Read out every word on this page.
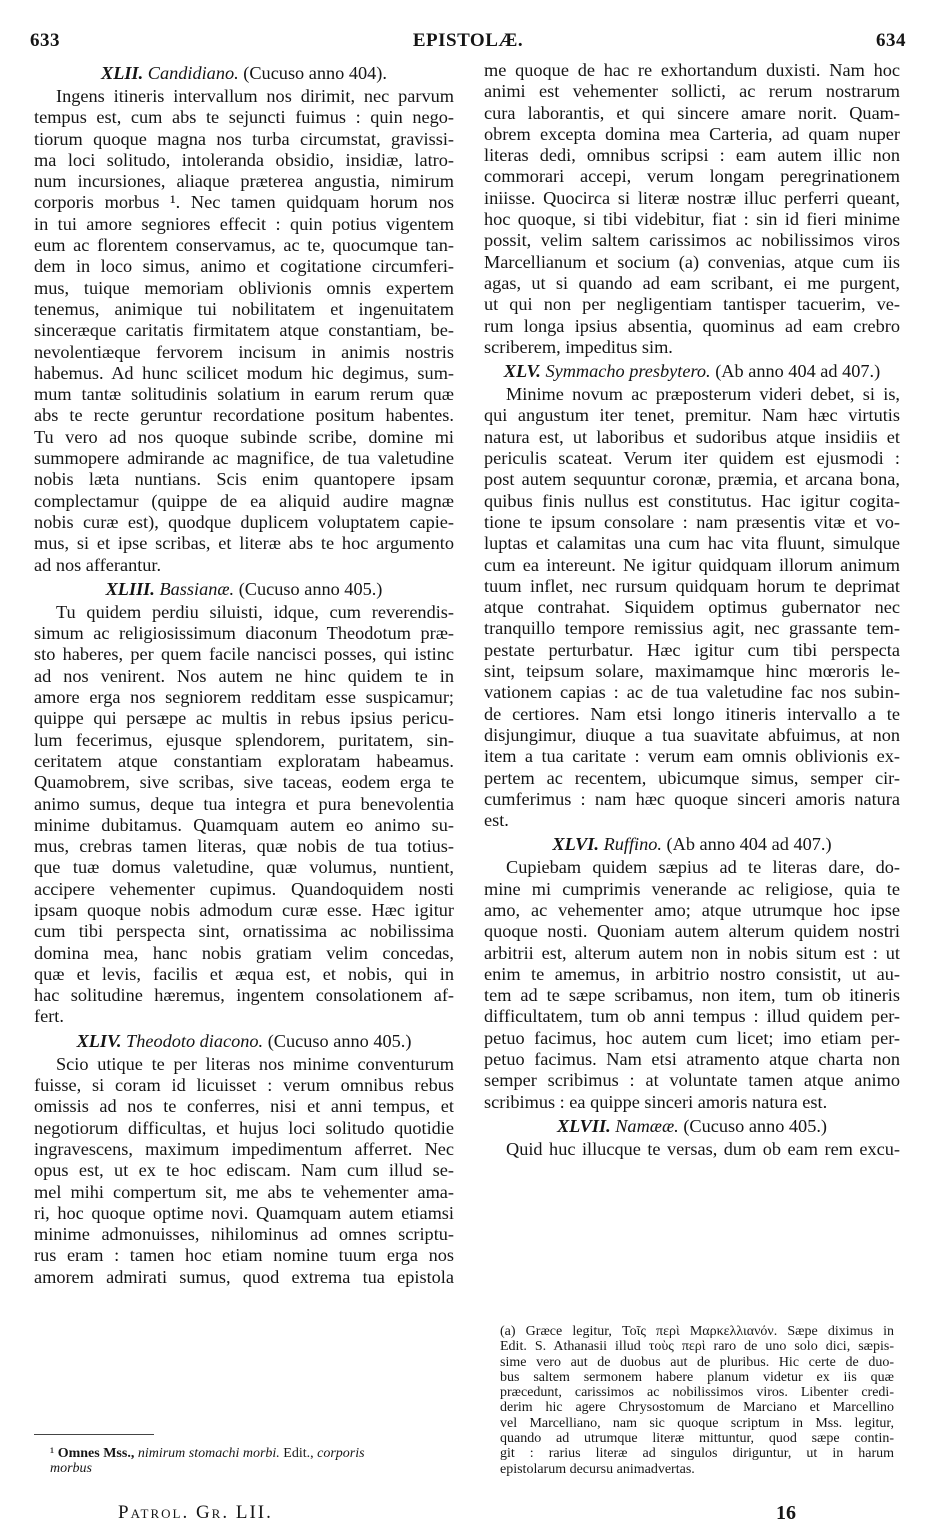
633	EPISTOLÆ.	634
XLII. Candidiano. (Cucuso anno 404).
Ingens itineris intervallum nos dirimit, nec parvum
tempus est, cum abs te sejuncti fuimus : quin nego-
tiorum quoque magna nos turba circumstat, gravissi-
ma loci solitudo, intoleranda obsidio, insidiæ, latro-
num incursiones, aliaque præterea angustia, nimirum
corporis morbus ¹. Nec tamen quidquam horum nos
in tui amore segniores effecit : quin potius vigentem
eum ac florentem conservamus, ac te, quocumque tan-
dem in loco simus, animo et cogitatione circumferi-
mus, tuique memoriam oblivionis omnis expertem
tenemus, animique tui nobilitatem et ingenuitatem
sinceræque caritatis firmitatem atque constantiam, be-
nevolentiæque fervorem incisum in animis nostris
habemus. Ad hunc scilicet modum hic degimus, sum-
mum tantæ solitudinis solatium in earum rerum quæ
abs te recte geruntur recordatione positum habentes.
Tu vero ad nos quoque subinde scribe, domine mi
summopere admirande ac magnifice, de tua valetudine
nobis læta nuntians. Scis enim quantopere ipsam
complectamur (quippe de ea aliquid audire magnæ
nobis curæ est), quodque duplicem voluptatem capie-
mus, si et ipse scribas, et literæ abs te hoc argumento
ad nos afferantur.
XLIII. Bassianæ. (Cucuso anno 405.)
Tu quidem perdiu siluisti, idque, cum reverendis-
simum ac religiosissimum diaconum Theodotum præ-
sto haberes, per quem facile nancisci posses, qui istinc
ad nos venirent. Nos autem ne hinc quidem te in
amore erga nos segniorem redditam esse suspicamur;
quippe qui persæpe ac multis in rebus ipsius pericu-
lum fecerimus, ejusque splendorem, puritatem, sin-
ceritatem atque constantiam exploratam habeamus.
Quamobrem, sive scribas, sive taceas, eodem erga te
animo sumus, deque tua integra et pura benevolentia
minime dubitamus. Quamquam autem eo animo su-
mus, crebras tamen literas, quæ nobis de tua totius-
que tuæ domus valetudine, quæ volumus, nuntient,
accipere vehementer cupimus. Quandoquidem nosti
ipsam quoque nobis admodum curæ esse. Hæc igitur
cum tibi perspecta sint, ornatissima ac nobilissima
domina mea, hanc nobis gratiam velim concedas,
quæ et levis, facilis et æqua est, et nobis, qui in
hac solitudine hæremus, ingentem consolationem af-
fert.
XLIV. Theodoto diacono. (Cucuso anno 405.)
Scio utique te per literas nos minime conventurum
fuisse, si coram id licuisset : verum omnibus rebus
omissis ad nos te conferres, nisi et anni tempus, et
negotiorum difficultas, et hujus loci solitudo quotidie
ingravescens, maximum impedimentum afferret. Nec
opus est, ut ex te hoc ediscam. Nam cum illud se-
mel mihi compertum sit, me abs te vehementer ama-
ri, hoc quoque optime novi. Quamquam autem etiamsi
minime admonuisses, nihilominus ad omnes scriptu-
rus eram : tamen hoc etiam nomine tuum erga nos
amorem admirati sumus, quod extrema tua epistola
¹ Omnes Mss., nimirum stomachi morbi. Edit., corporis
morbus
Patrol. Gr. LII.
me quoque de hac re exhortandum duxisti. Nam hoc
animi est vehementer sollicti, ac rerum nostrarum
cura laborantis, et qui sincere amare norit. Quam-
obrem excepta domina mea Carteria, ad quam nuper
literas dedi, omnibus scripsi : eam autem illic non
commorari accepi, verum longam peregrinationem
iniisse. Quocirca si literæ nostræ illuc perferri queant,
hoc quoque, si tibi videbitur, fiat : sin id fieri minime
possit, velim saltem carissimos ac nobilissimos viros
Marcellianum et socium (a) convenias, atque cum iis
agas, ut si quando ad eam scribant, ei me purgent,
ut qui non per negligentiam tantisper tacuerim, ve-
rum longa ipsius absentia, quominus ad eam crebro
scriberem, impeditus sim.
XLV. Symmacho presbytero. (Ab anno 404 ad 407.)
Minime novum ac præposterum videri debet, si is,
qui angustum iter tenet, premitur. Nam hæc virtutis
natura est, ut laboribus et sudoribus atque insidiis et
periculis scateat. Verum iter quidem est ejusmodi :
post autem sequuntur coronæ, præmia, et arcana bona,
quibus finis nullus est constitutus. Hac igitur cogita-
tione te ipsum consolare : nam præsentis vitæ et vo-
luptas et calamitas una cum hac vita fluunt, simulque
cum ea intereunt. Ne igitur quidquam illorum animum
tuum inflet, nec rursum quidquam horum te deprimat
atque contrahat. Siquidem optimus gubernator nec
tranquillo tempore remissius agit, nec grassante tem-
pestate perturbatur. Hæc igitur cum tibi perspecta
sint, teipsum solare, maximamque hinc mœroris le-
vationem capias : ac de tua valetudine fac nos subin-
de certiores. Nam etsi longo itineris intervallo a te
disjungimur, diuque a tua suavitate abfuimus, at non
item a tua caritate : verum eam omnis oblivionis ex-
pertem ac recentem, ubicumque simus, semper cir-
cumferimus : nam hæc quoque sinceri amoris natura
est.
XLVI. Ruffino. (Ab anno 404 ad 407.)
Cupiebam quidem sæpius ad te literas dare, do-
mine mi cumprimis venerande ac religiose, quia te
amo, ac vehementer amo; atque utrumque hoc ipse
quoque nosti. Quoniam autem alterum quidem nostri
arbitrii est, alterum autem non in nobis situm est : ut
enim te amemus, in arbitrio nostro consistit, ut au-
tem ad te sæpe scribamus, non item, tum ob itineris
difficultatem, tum ob anni tempus : illud quidem per-
petuo facimus, hoc autem cum licet; imo etiam per-
petuo facimus. Nam etsi atramento atque charta non
semper scribimus : at voluntate tamen atque animo
scribimus : ea quippe sinceri amoris natura est.
XLVII. Namææ. (Cucuso anno 405.)
Quid huc illucque te versas, dum ob eam rem excu-
(a) Græce legitur, Τοῖς περὶ Μαρκελλιανόν. Sæpe diximus in
Edit. S. Athanasii illud τοὺς περὶ raro de uno solo dici, sæpis-
sime vero aut de duobus aut de pluribus. Hic certe de duo-
bus saltem sermonem habere planum videtur ex iis quæ
præcedunt, carissimos ac nobilissimos viros. Libenter credi-
derim hic agere Chrysostomum de Marciano et Marcellino
vel Marcelliano, nam sic quoque scriptum in Mss. legitur,
quando ad utrumque literæ mittuntur, quod sæpe contin-
git : rarius literæ ad singulos diriguntur, ut in harum
epistolarum decursu animadvertas.
16
